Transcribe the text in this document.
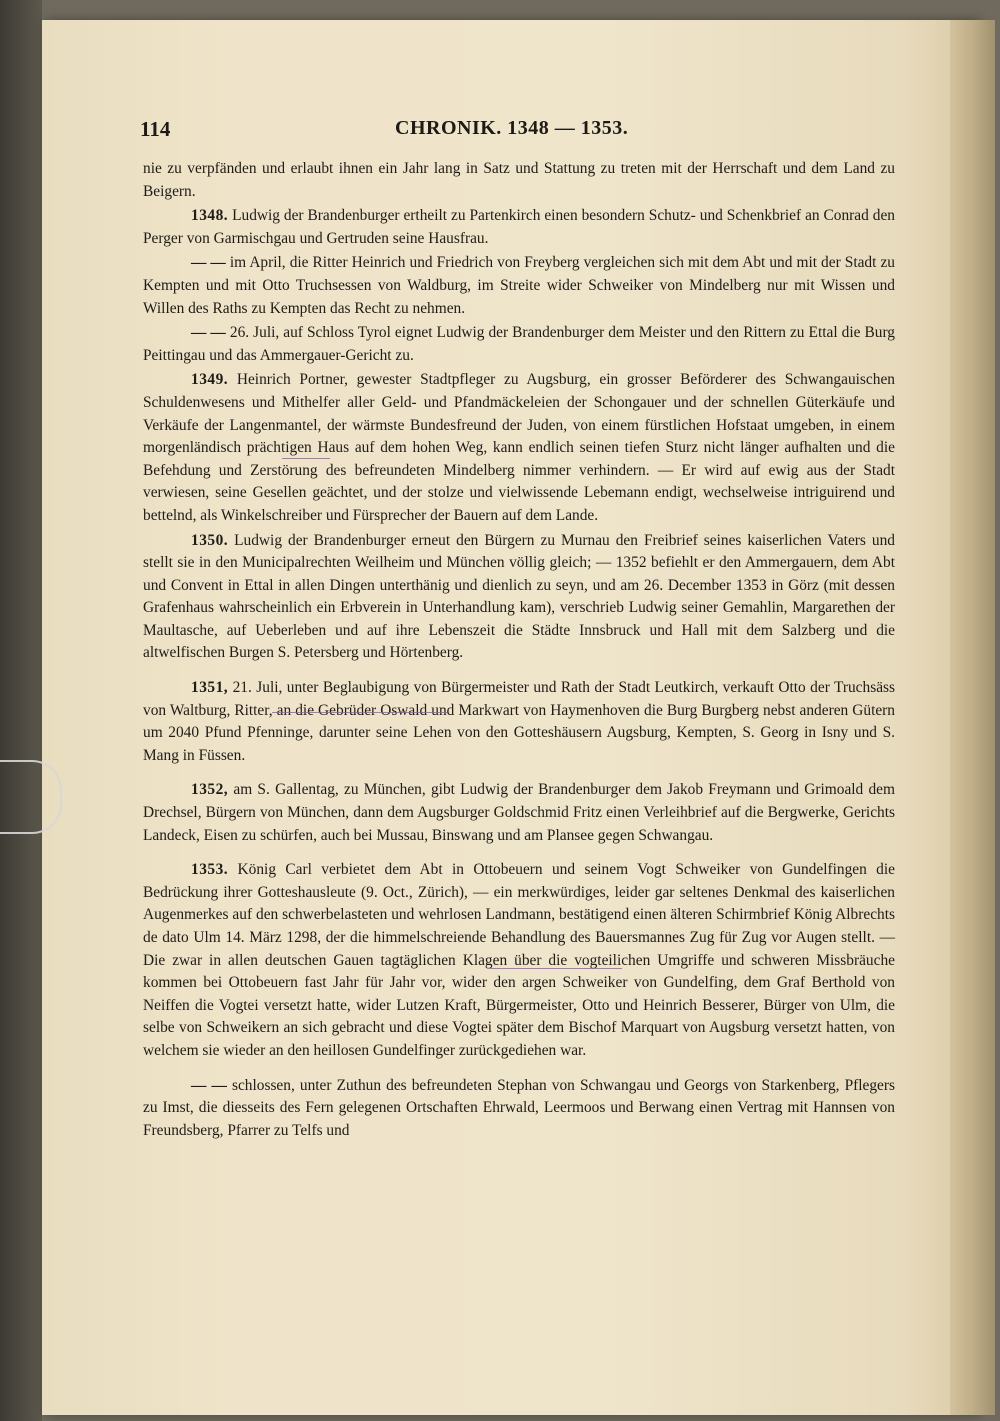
114	CHRONIK. 1348 — 1353.

nie zu verpfänden und erlaubt ihnen ein Jahr lang in Satz und Stattung zu treten mit der Herrschaft und dem Land zu Beigern.

1348. Ludwig der Brandenburger ertheilt zu Partenkirch einen besondern Schutz- und Schenkbrief an Conrad den Perger von Garmischgau und Gertruden seine Hausfrau.

— — im April, die Ritter Heinrich und Friedrich von Freyberg vergleichen sich mit dem Abt und mit der Stadt zu Kempten und mit Otto Truchsessen von Waldburg, im Streite wider Schweiker von Mindelberg nur mit Wissen und Willen des Raths zu Kempten das Recht zu nehmen.

— — 26. Juli, auf Schloss Tyrol eignet Ludwig der Brandenburger dem Meister und den Rittern zu Ettal die Burg Peittingau und das Ammergauer-Gericht zu.

1349. Heinrich Portner, gewester Stadtpfleger zu Augsburg, ein grosser Beförderer des Schwangauischen Schuldenwesens und Mithelfer aller Geld- und Pfandmäckeleien der Schongauer und der schnellen Güterkäufe und Verkäufe der Langenmantel, der wärmste Bundesfreund der Juden, von einem fürstlichen Hofstaat umgeben, in einem morgenländisch prächtigen Haus auf dem hohen Weg, kann endlich seinen tiefen Sturz nicht länger aufhalten und die Befehdung und Zerstörung des befreundeten Mindelberg nimmer verhindern. — Er wird auf ewig aus der Stadt verwiesen, seine Gesellen geächtet, und der stolze und vielwissende Lebemann endigt, wechselweise intriguirend und bettelnd, als Winkelschreiber und Fürsprecher der Bauern auf dem Lande.

1350. Ludwig der Brandenburger erneut den Bürgern zu Murnau den Freibrief seines kaiserlichen Vaters und stellt sie in den Municipalrechten Weilheim und München völlig gleich; — 1352 befiehlt er den Ammergauern, dem Abt und Convent in Ettal in allen Dingen unterthänig und dienlich zu seyn, und am 26. December 1353 in Görz (mit dessen Grafenhaus wahrscheinlich ein Erbverein in Unterhandlung kam), verschrieb Ludwig seiner Gemahlin, Margarethen der Maultasche, auf Ueberleben und auf ihre Lebenszeit die Städte Innsbruck und Hall mit dem Salzberg und die altwelfischen Burgen S. Petersberg und Hörtenberg.

1351, 21. Juli, unter Beglaubigung von Bürgermeister und Rath der Stadt Leutkirch, verkauft Otto der Truchsäss von Waltburg, Ritter, an die Gebrüder Oswald und Markwart von Haymenhoven die Burg Burgberg nebst anderen Gütern um 2040 Pfund Pfenninge, darunter seine Lehen von den Gotteshäusern Augsburg, Kempten, S. Georg in Isny und S. Mang in Füssen.

1352, am S. Gallentag, zu München, gibt Ludwig der Brandenburger dem Jakob Freymann und Grimoald dem Drechsel, Bürgern von München, dann dem Augsburger Goldschmid Fritz einen Verleihbrief auf die Bergwerke, Gerichts Landeck, Eisen zu schürfen, auch bei Mussau, Binswang und am Plansee gegen Schwangau.

1353. König Carl verbietet dem Abt in Ottobeuern und seinem Vogt Schweiker von Gundelfingen die Bedrückung ihrer Gotteshausleute (9. Oct., Zürich), — ein merkwürdiges, leider gar seltenes Denkmal des kaiserlichen Augenmerkes auf den schwerbelasteten und wehrlosen Landmann, bestätigend einen älteren Schirmbrief König Albrechts de dato Ulm 14. März 1298, der die himmelschreiende Behandlung des Bauersmannes Zug für Zug vor Augen stellt. — Die zwar in allen deutschen Gauen tagtäglichen Klagen über die vogteilichen Umgriffe und schweren Missbräuche kommen bei Ottobeuern fast Jahr für Jahr vor, wider den argen Schweiker von Gundelfing, dem Graf Berthold von Neiffen die Vogtei versetzt hatte, wider Lutzen Kraft, Bürgermeister, Otto und Heinrich Besserer, Bürger von Ulm, die selbe von Schweikern an sich gebracht und diese Vogtei später dem Bischof Marquart von Augsburg versetzt hatten, von welchem sie wieder an den heillosen Gundelfinger zurückgediehen war.

— — schlossen, unter Zuthun des befreundeten Stephan von Schwangau und Georgs von Starkenberg, Pflegers zu Imst, die diesseits des Fern gelegenen Ortschaften Ehrwald, Leermoos und Berwang einen Vertrag mit Hannsen von Freundsberg, Pfarrer zu Telfs und
